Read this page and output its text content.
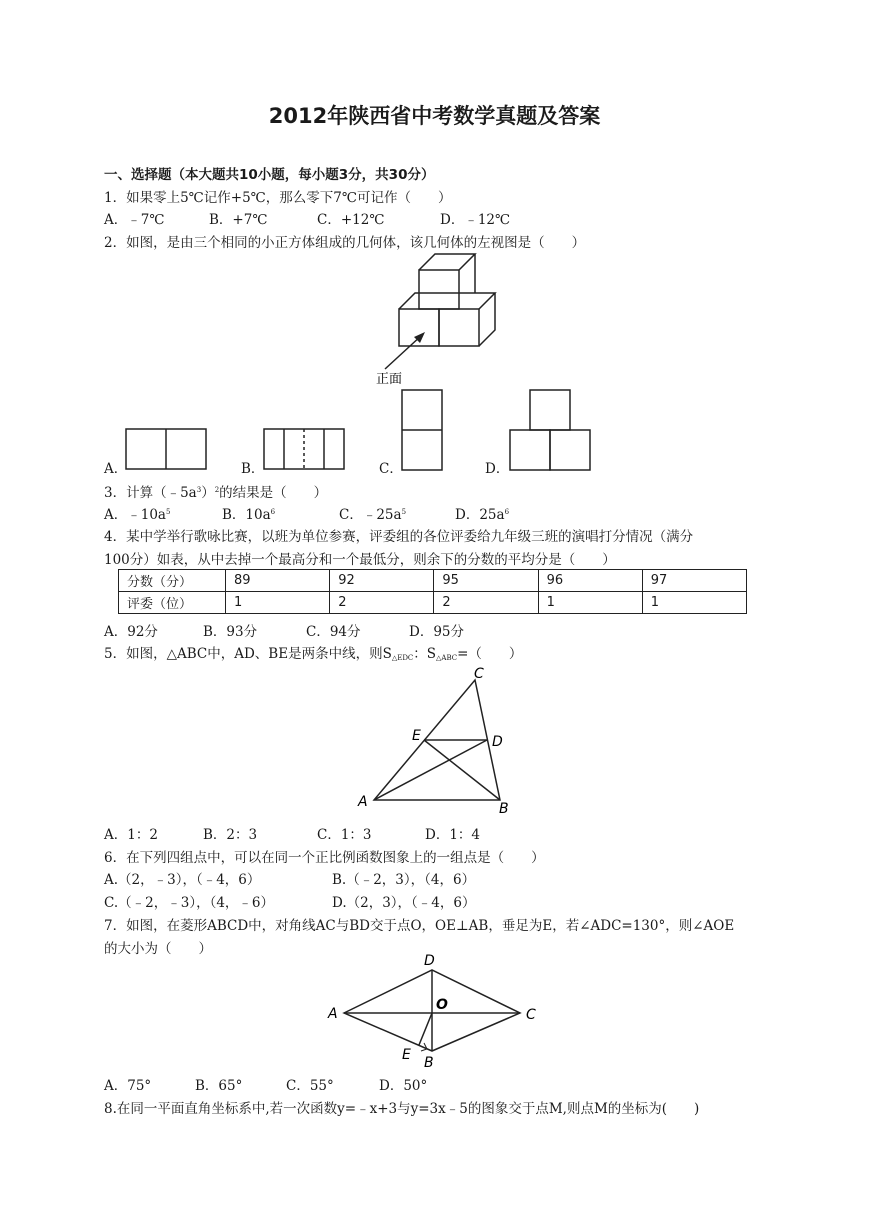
2012年陕西省中考数学真题及答案
一、选择题（本大题共10小题，每小题3分，共30分）
1．如果零上5℃记作+5℃，那么零下7℃可记作（　　）
A．﹣7℃	B．+7℃	C．+12℃	D．﹣12℃
2．如图，是由三个相同的小正方体组成的几何体，该几何体的左视图是（　　）
正面
A．	B．	C．	D．
3．计算$(﹣5a^3)^2$的结果是（　　）
A．$﹣10a^5$	B．$10a^6$	C．$﹣25a^5$	D．$25a^6$
4．某中学举行歌咏比赛，以班为单位参赛，评委组的各位评委给九年级三班的演唱打分情况（满分
100分）如表，从中去掉一个最高分和一个最低分，则余下的分数的平均分是（　　）
分数（分）	89	92	95	96	97
评委（位）	1	2	2	1	1
A．92分	B．93分	C．94分	D．95分
5．如图，△ABC中，AD、BE是两条中线，则$S_{\triangle EDC}$：$S_{\triangle ABC}=$（　　）
A	B
C
D
E
A．1：2	B．2：3	C．1：3	D．1：4
6．在下列四组点中，可以在同一个正比例函数图象上的一组点是（　　）
A.（2，﹣3），（﹣4，6）	B.（﹣2，3），（4，6）
C.（﹣2，﹣3），（4，﹣6）	D.（2，3），（﹣4，6）
7．如图，在菱形ABCD中，对角线AC与BD交于点O，OE⊥AB，垂足为E，若∠ADC=130°，则∠AOE
的大小为（　　）
A
D
C
B
O
E
A．75°	B．65°	C．55°	D．50°
8.在同一平面直角坐标系中,若一次函数y=﹣x+3与y=3x﹣5的图象交于点M,则点M的坐标为(　　)
